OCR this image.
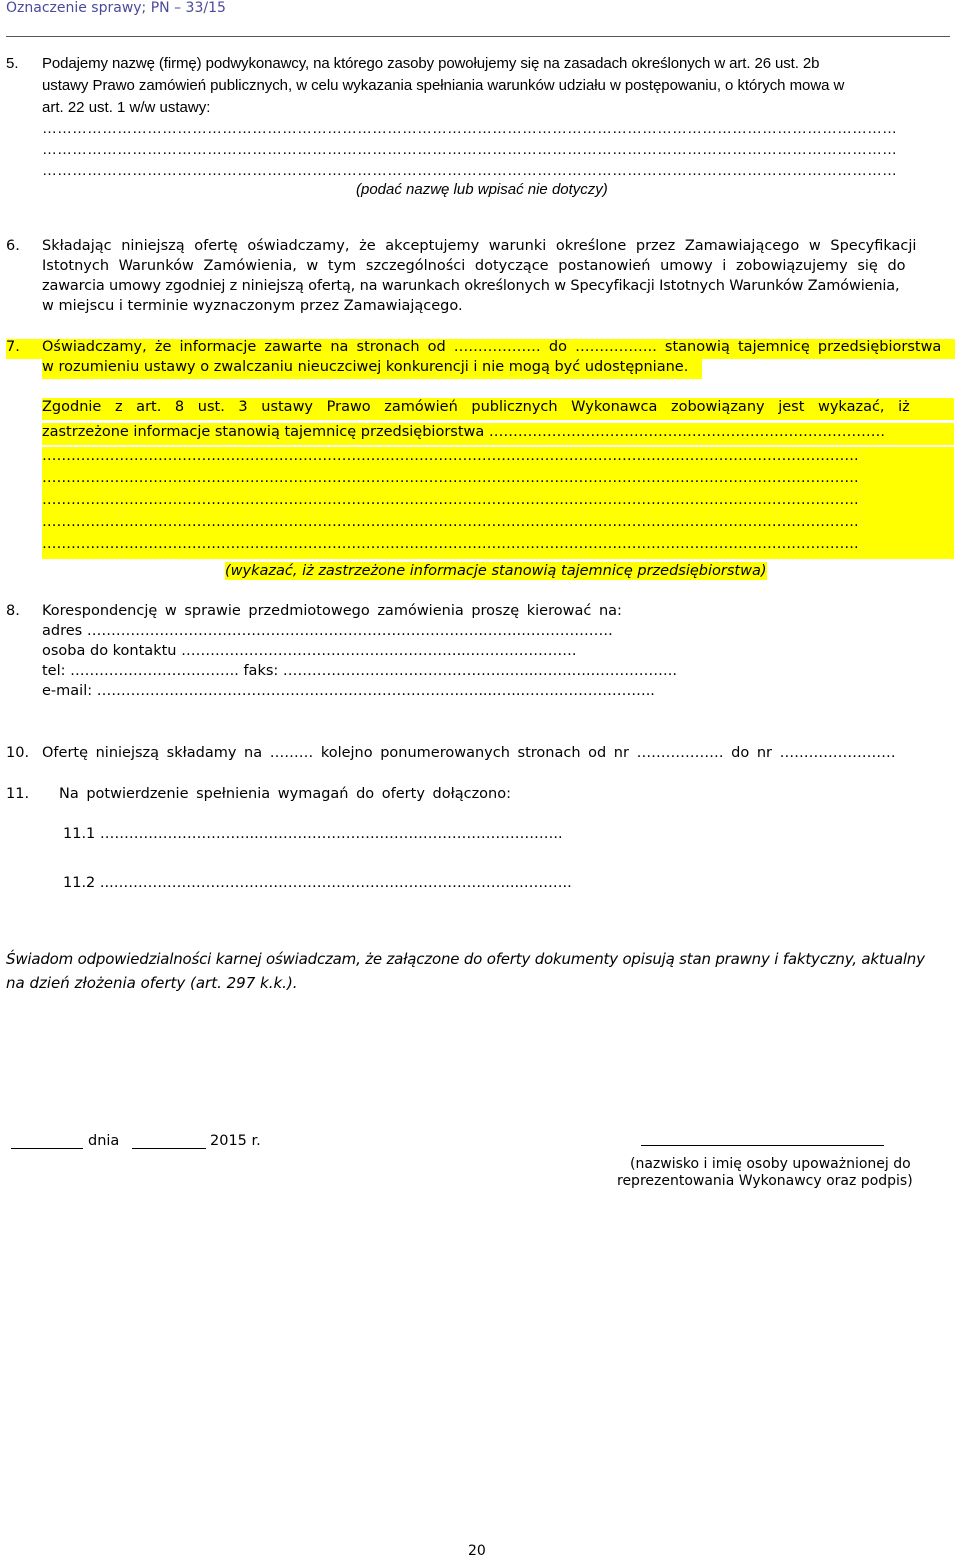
Oznaczenie sprawy; PN – 33/15
5. Podajemy nazwę (firmę) podwykonawcy, na którego zasoby powołujemy się na zasadach określonych w art. 26 ust. 2b
ustawy Prawo zamówień publicznych, w celu wykazania spełniania warunków udziału w postępowaniu, o których mowa w
art. 22 ust. 1 w/w ustawy:
………………………………………………………………………………………………………………………………………………………
………………………………………………………………………………………………………………………………………………………
………………………………………………………………………………………………………………………………………………………
(podać nazwę lub wpisać nie dotyczy)
6. Składając niniejszą ofertę oświadczamy, że akceptujemy warunki określone przez Zamawiającego w Specyfikacji
Istotnych Warunków Zamówienia, w tym szczególności dotyczące postanowień umowy i zobowiązujemy się do
zawarcia umowy zgodniej z niniejszą ofertą, na warunkach określonych w Specyfikacji Istotnych Warunków Zamówienia,
w miejscu i terminie wyznaczonym przez Zamawiającego.
7. Oświadczamy, że informacje zawarte na stronach od ……………… do …………….. stanowią tajemnicę przedsiębiorstwa
w rozumieniu ustawy o zwalczaniu nieuczciwej konkurencji i nie mogą być udostępniane.
Zgodnie z art. 8 ust. 3 ustawy Prawo zamówień publicznych Wykonawca zobowiązany jest wykazać, iż
zastrzeżone informacje stanowią tajemnicę przedsiębiorstwa ……………………………………………………………………….
…………………………………………………………………………………………………………………………………………………….
…………………………………………………………………………………………………………………………………………………….
…………………………………………………………………………………………………………………………………………………….
…………………………………………………………………………………………………………………………………………………….
…………………………………………………………………………………………………………………………………………………….
(wykazać, iż zastrzeżone informacje stanowią tajemnicę przedsiębiorstwa)
8. Korespondencję w sprawie przedmiotowego zamówienia proszę kierować na:
adres ……………………………………………………………………….……..……………….
osoba do kontaktu …………………………………………………...………………….
tel: …………………………….. faks: ………………………………………..…...…….…..……………..
e-mail: ………………………………………………………………….…....…...…….………………..
10. Ofertę niniejszą składamy na ……… kolejno ponumerowanych stronach od nr ……………… do nr ……………………
11. Na potwierdzenie spełnienia wymagań do oferty dołączono:
11.1 …………………………...…………………….………………………………..
11.2 ...………………………………………………………………………...………..
Świadom odpowiedzialności karnej oświadczam, że załączone do oferty dokumenty opisują stan prawny i faktyczny, aktualny
na dzień złożenia oferty (art. 297 k.k.).
dnia	2015 r.
(nazwisko i imię osoby upoważnionej do
reprezentowania Wykonawcy oraz podpis)
20
